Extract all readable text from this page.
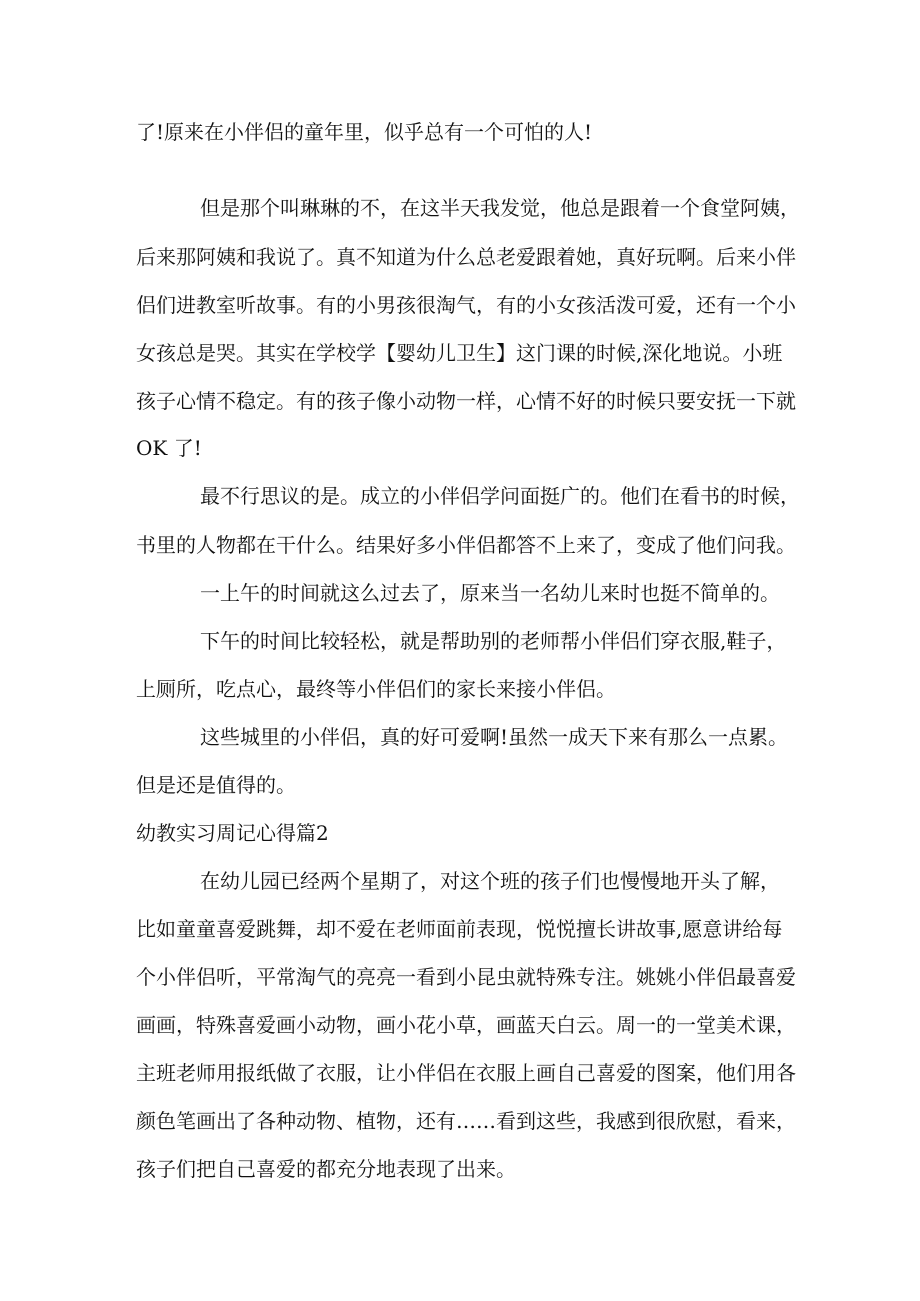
了!原来在小伴侣的童年里，似乎总有一个可怕的人!
但是那个叫琳琳的不，在这半天我发觉，他总是跟着一个食堂阿姨，
后来那阿姨和我说了。真不知道为什么总老爱跟着她，真好玩啊。后来小伴
侣们进教室听故事。有的小男孩很淘气，有的小女孩活泼可爱，还有一个小
女孩总是哭。其实在学校学【婴幼儿卫生】这门课的时候,深化地说。小班
孩子心情不稳定。有的孩子像小动物一样，心情不好的时候只要安抚一下就
OK 了!
最不行思议的是。成立的小伴侣学问面挺广的。他们在看书的时候，
书里的人物都在干什么。结果好多小伴侣都答不上来了，变成了他们问我。
一上午的时间就这么过去了，原来当一名幼儿来时也挺不简单的。
下午的时间比较轻松，就是帮助别的老师帮小伴侣们穿衣服,鞋子，
上厕所，吃点心，最终等小伴侣们的家长来接小伴侣。
这些城里的小伴侣，真的好可爱啊!虽然一成天下来有那么一点累。
但是还是值得的。
幼教实习周记心得篇2
在幼儿园已经两个星期了，对这个班的孩子们也慢慢地开头了解，
比如童童喜爱跳舞，却不爱在老师面前表现，悦悦擅长讲故事,愿意讲给每
个小伴侣听，平常淘气的亮亮一看到小昆虫就特殊专注。姚姚小伴侣最喜爱
画画，特殊喜爱画小动物，画小花小草，画蓝天白云。周一的一堂美术课，
主班老师用报纸做了衣服，让小伴侣在衣服上画自己喜爱的图案，他们用各
颜色笔画出了各种动物、植物，还有……看到这些，我感到很欣慰，看来，
孩子们把自己喜爱的都充分地表现了出来。
